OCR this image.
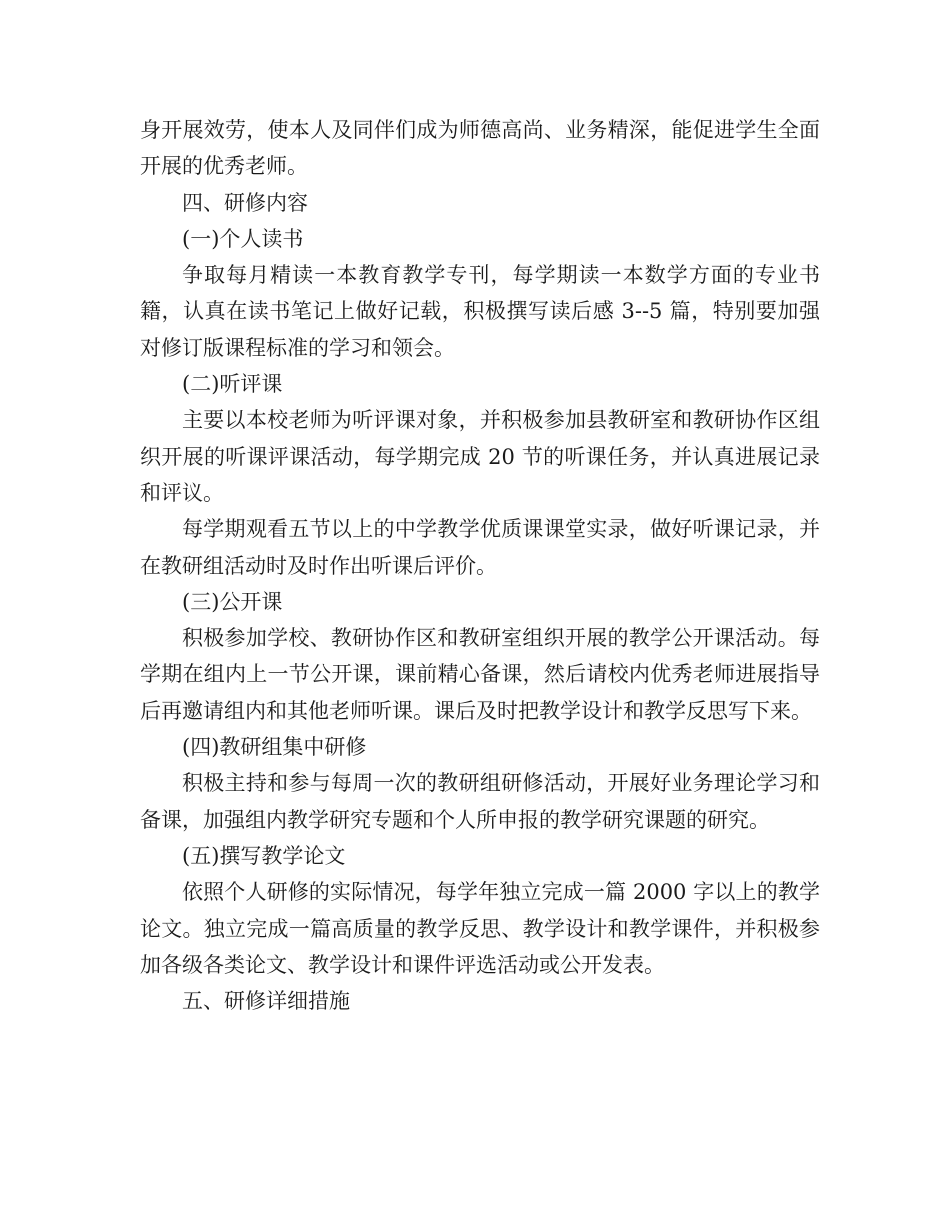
身开展效劳，使本人及同伴们成为师德高尚、业务精深，能促进学生全面开展的优秀老师。

四、研修内容

(一)个人读书

争取每月精读一本教育教学专刊，每学期读一本数学方面的专业书籍，认真在读书笔记上做好记载，积极撰写读后感 3--5 篇，特别要加强对修订版课程标准的学习和领会。

(二)听评课

主要以本校老师为听评课对象，并积极参加县教研室和教研协作区组织开展的听课评课活动，每学期完成 20 节的听课任务，并认真进展记录和评议。

每学期观看五节以上的中学教学优质课课堂实录，做好听课记录，并在教研组活动时及时作出听课后评价。

(三)公开课

积极参加学校、教研协作区和教研室组织开展的教学公开课活动。每学期在组内上一节公开课，课前精心备课，然后请校内优秀老师进展指导后再邀请组内和其他老师听课。课后及时把教学设计和教学反思写下来。

(四)教研组集中研修

积极主持和参与每周一次的教研组研修活动，开展好业务理论学习和备课，加强组内教学研究专题和个人所申报的教学研究课题的研究。

(五)撰写教学论文

依照个人研修的实际情况，每学年独立完成一篇 2000 字以上的教学论文。独立完成一篇高质量的教学反思、教学设计和教学课件，并积极参加各级各类论文、教学设计和课件评选活动或公开发表。

五、研修详细措施
